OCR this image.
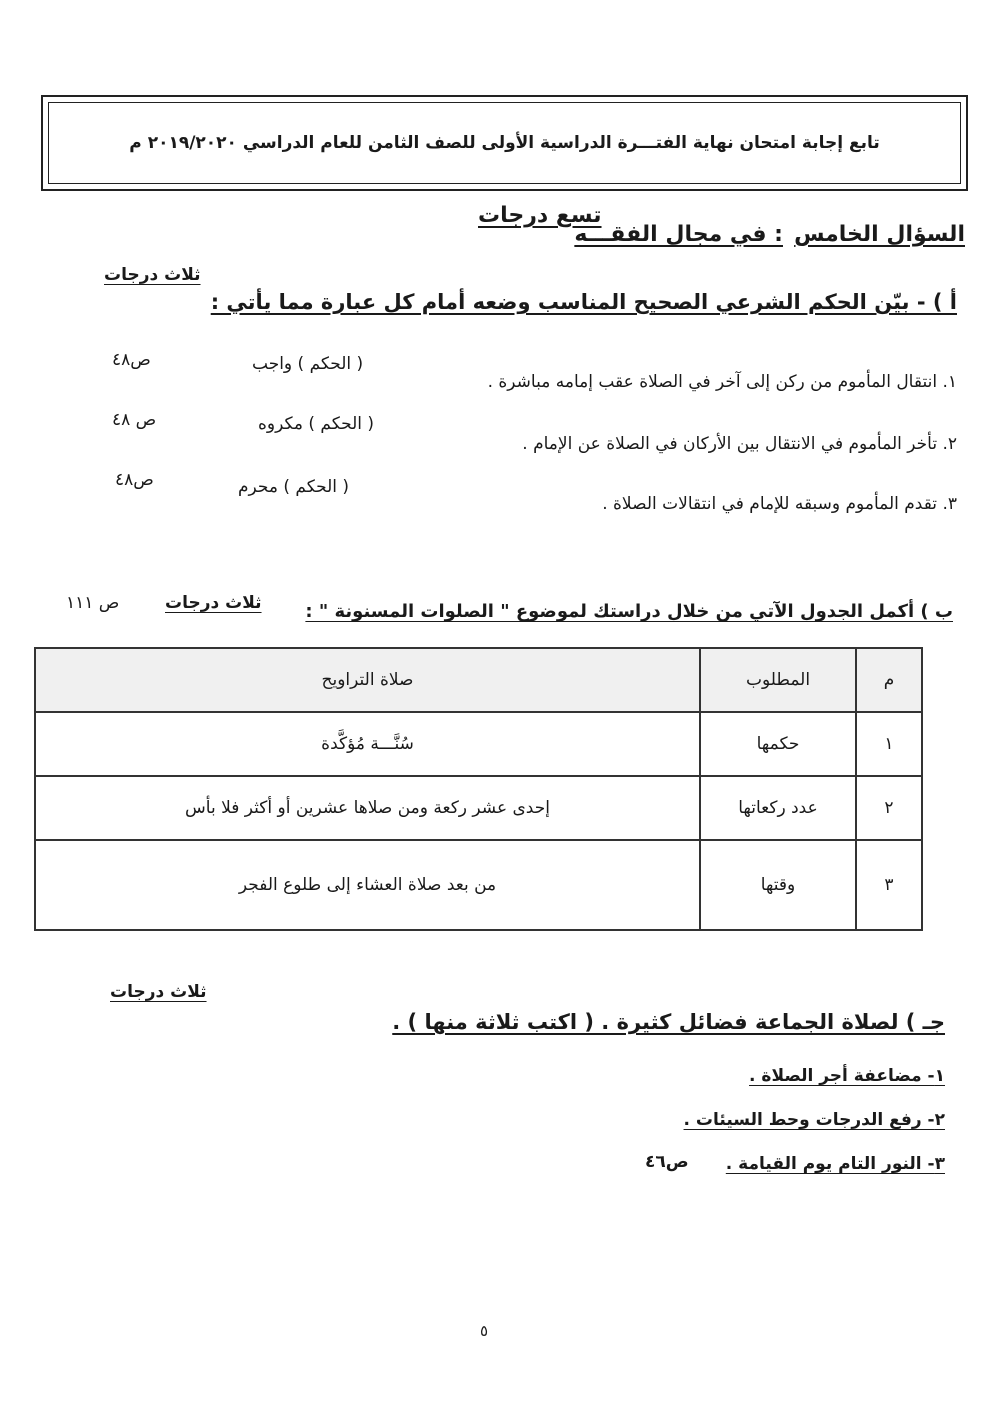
تابع إجابة امتحان نهاية الفتـــرة الدراسية الأولى للصف الثامن للعام الدراسي ٢٠١٩/٢٠٢٠ م
السؤال الخامس : في مجال الفقـــه
تسع درجات
أ ) - بيّن الحكم الشرعي الصحيح المناسب وضعه أمام كل عبارة مما يأتي :
ثلاث درجات
١. انتقال المأموم من ركن إلى آخر في الصلاة عقب إمامه مباشرة .
( الحكم ) واجب
ص٤٨
٢. تأخر المأموم في الانتقال بين الأركان في الصلاة عن الإمام .
( الحكم ) مكروه
ص ٤٨
٣. تقدم المأموم وسبقه للإمام في انتقالات الصلاة .
( الحكم ) محرم
ص٤٨
ب ) أكمل الجدول الآتي من خلال دراستك لموضوع " الصلوات المسنونة " :
ثلاث درجات
ص ١١١
م	المطلوب	صلاة التراويح
١	حكمها	سُنَّـــة مُؤكَّدة
٢	عدد ركعاتها	إحدى عشر ركعة ومن صلاها عشرين أو أكثر فلا بأس
٣	وقتها	من بعد صلاة العشاء إلى طلوع الفجر
ثلاث درجات
جـ ) لصلاة الجماعة فضائل كثيرة . ( اكتب ثلاثة منها ) .
١- مضاعفة أجر الصلاة .
٢- رفع الدرجات وحط السيئات .
٣- النور التام يوم القيامة .
ص٤٦
٥
